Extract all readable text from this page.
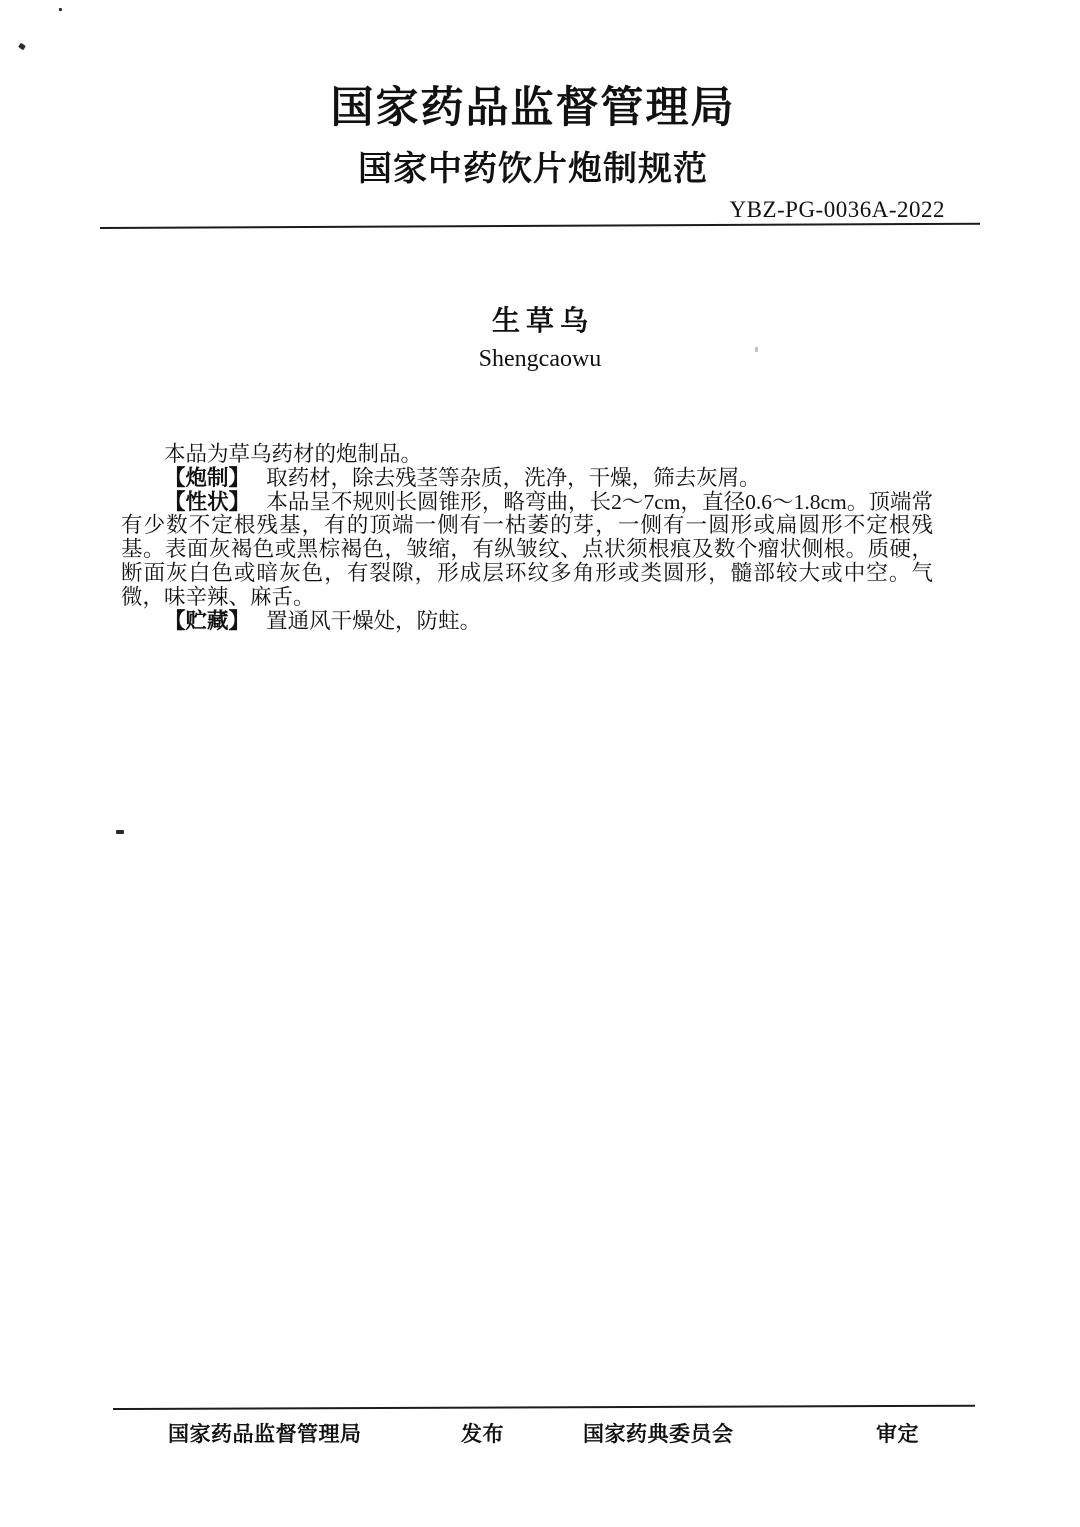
国家药品监督管理局
国家中药饮片炮制规范
YBZ-PG-0036A-2022
生草乌
Shengcaowu

本品为草乌药材的炮制品。

【炮制】 取药材，除去残茎等杂质，洗净，干燥，筛去灰屑。

【性状】 本品呈不规则长圆锥形，略弯曲，长2～7cm，直径0.6～1.8cm。顶端常有少数不定根残基，有的顶端一侧有一枯萎的芽，一侧有一圆形或扁圆形不定根残基。表面灰褐色或黑棕褐色，皱缩，有纵皱纹、点状须根痕及数个瘤状侧根。质硬，断面灰白色或暗灰色，有裂隙，形成层环纹多角形或类圆形，髓部较大或中空。气微，味辛辣、麻舌。

【贮藏】 置通风干燥处，防蛀。

国家药品监督管理局	发布	国家药典委员会	审定
